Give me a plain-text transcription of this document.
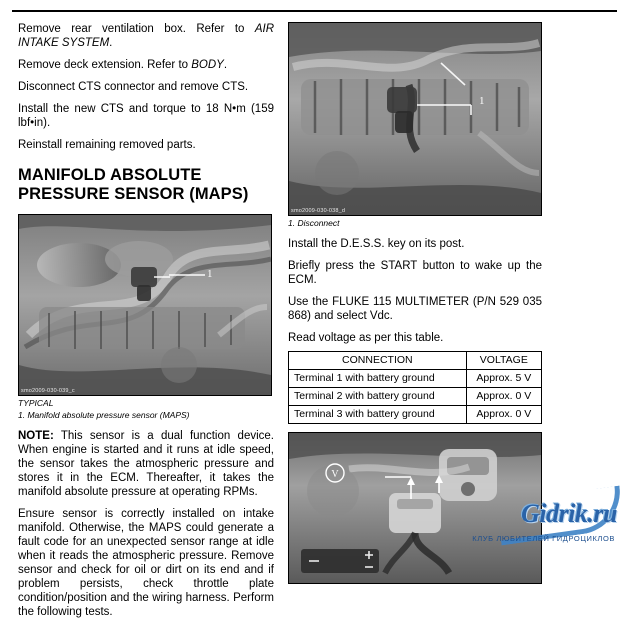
Remove rear ventilation box. Refer to AIR INTAKE SYSTEM.

Remove deck extension. Refer to BODY.

Disconnect CTS connector and remove CTS.

Install the new CTS and torque to 18 N•m (159 lbf•in).

Reinstall remaining removed parts.

MANIFOLD ABSOLUTE PRESSURE SENSOR (MAPS)
1
smo2009-030-039_c
TYPICAL
1. Manifold absolute pressure sensor (MAPS)

NOTE: This sensor is a dual function device. When engine is started and it runs at idle speed, the sensor takes the atmospheric pressure and stores it in the ECM. Thereafter, it takes the manifold absolute pressure at operating RPMs.

Ensure sensor is correctly installed on intake manifold. Otherwise, the MAPS could generate a fault code for an unexpected sensor range at idle when it reads the atmospheric pressure. Remove sensor and check for oil or dirt on its end and if problem persists, check throttle plate condition/position and the wiring harness. Perform the following tests.

1
smo2009-030-038_d
1. Disconnect

Install the D.E.S.S. key on its post.

Briefly press the START button to wake up the ECM.

Use the FLUKE 115 MULTIMETER (P/N 529 035 868) and select Vdc.

Read voltage as per this table.

CONNECTION	VOLTAGE
Terminal 1 with battery ground	Approx. 5 V
Terminal 2 with battery ground	Approx. 0 V
Terminal 3 with battery ground	Approx. 0 V
V
Gidrik.ru
КЛУБ ЛЮБИТЕЛЕЙ ГИДРОЦИКЛОВ
